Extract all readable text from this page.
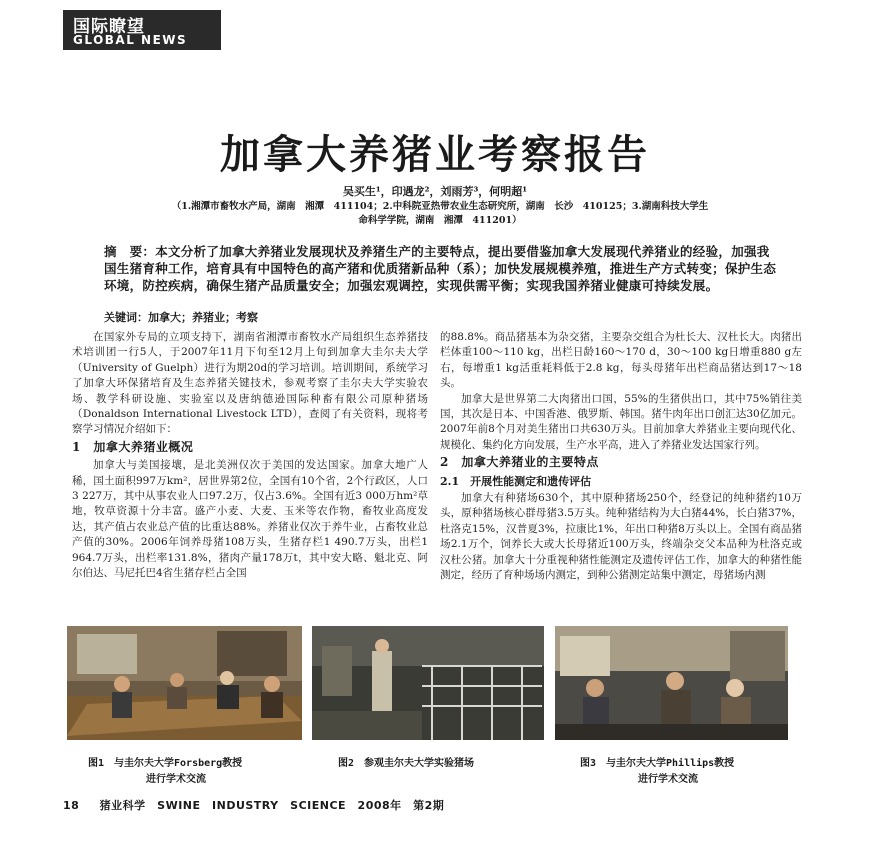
国际瞭望
GLOBAL NEWS
加拿大养猪业考察报告
吴买生¹，印遇龙²，刘雨芳³，何明超¹
（1.湘潭市畜牧水产局，湖南　湘潭　411104；2.中科院亚热带农业生态研究所，湖南　长沙　410125；3.湖南科技大学生
命科学学院，湖南　湘潭　411201）
摘　要：本文分析了加拿大养猪业发展现状及养猪生产的主要特点，提出要借鉴加拿大发展现代养猪业的经验，加强我国生猪育种工作，培育具有中国特色的高产猪和优质猪新品种（系）；加快发展规模养殖，推进生产方式转变；保护生态环境，防控疾病，确保生猪产品质量安全；加强宏观调控，实现供需平衡；实现我国养猪业健康可持续发展。
关键词：加拿大；养猪业；考察

在国家外专局的立项支持下，湖南省湘潭市畜牧水产局组织生态养猪技术培训团一行5人，于2007年11月下旬至12月上旬到加拿大圭尔夫大学（University of Guelph）进行为期20d的学习培训。培训期间，系统学习了加拿大环保猪培育及生态养猪关键技术，参观考察了圭尔夫大学实验农场、教学科研设施、实验室以及唐纳德逊国际种畜有限公司原种猪场（Donaldson International Livestock LTD），查阅了有关资料，现将考察学习情况介绍如下：

1　加拿大养猪业概况

加拿大与美国接壤，是北美洲仅次于美国的发达国家。加拿大地广人稀，国土面积997万km²，居世界第2位，全国有10个省，2个行政区，人口3 227万，其中从事农业人口97.2万，仅占3.6%。全国有近3 000万hm²草地，牧草资源十分丰富。盛产小麦、大麦、玉米等农作物，畜牧业高度发达，其产值占农业总产值的比重达88%。养猪业仅次于养牛业，占畜牧业总产值的30%。2006年饲养母猪108万头，生猪存栏1 490.7万头，出栏1 964.7万头，出栏率131.8%，猪肉产量178万t，其中安大略、魁北克、阿尔伯达、马尼托巴4省生猪存栏占全国

的88.8%。商品猪基本为杂交猪，主要杂交组合为杜长大、汉杜长大。肉猪出栏体重100～110 kg，出栏日龄160～170 d，30～100 kg日增重880 g左右，每增重1 kg活重耗料低于2.8 kg，每头母猪年出栏商品猪达到17～18头。

加拿大是世界第二大肉猪出口国，55%的生猪供出口，其中75%销往美国，其次是日本、中国香港、俄罗斯、韩国。猪牛肉年出口创汇达30亿加元。2007年前8个月对美生猪出口共630万头。目前加拿大养猪业主要向现代化、规模化、集约化方向发展，生产水平高，进入了养猪业发达国家行列。

2　加拿大养猪业的主要特点
2.1　开展性能测定和遗传评估

加拿大有种猪场630个，其中原种猪场250个，经登记的纯种猪约10万头，原种猪场核心群母猪3.5万头。纯种猪结构为大白猪44%，长白猪37%，杜洛克15%，汉普夏3%，拉康比1%，年出口种猪8万头以上。全国有商品猪场2.1万个，饲养长大或大长母猪近100万头，终端杂交父本品种为杜洛克或汉杜公猪。加拿大十分重视种猪性能测定及遗传评估工作，加拿大的种猪性能测定，经历了育种场场内测定，到种公猪测定站集中测定，母猪场内测

图1　与圭尔夫大学Forsberg教授
进行学术交流
图2　参观圭尔夫大学实验猪场	图3　与圭尔夫大学Phillips教授
进行学术交流
18 猪业科学　SWINE　INDUSTRY　SCIENCE　2008年　第2期
